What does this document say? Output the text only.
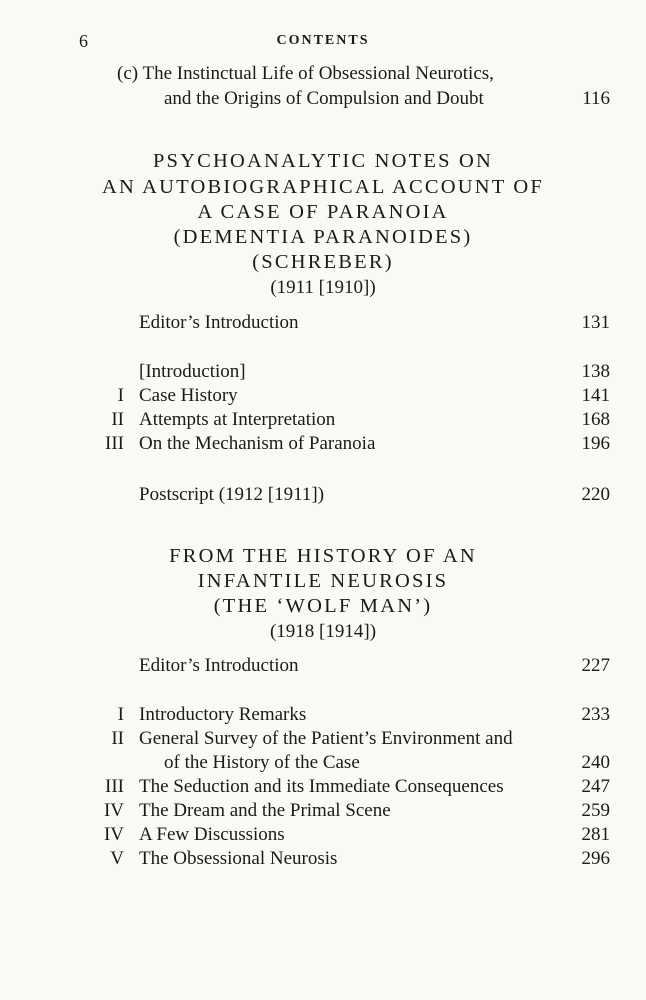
6	CONTENTS
(c) The Instinctual Life of Obsessional Neurotics,
and the Origins of Compulsion and Doubt	116
PSYCHOANALYTIC NOTES ON
AN AUTOBIOGRAPHICAL ACCOUNT OF
A CASE OF PARANOIA
(DEMENTIA PARANOIDES)
(SCHREBER)
(1911 [1910])
Editor’s Introduction	131
[Introduction]	138
I Case History	141
II Attempts at Interpretation	168
III On the Mechanism of Paranoia	196
Postscript (1912 [1911])	220
FROM THE HISTORY OF AN
INFANTILE NEUROSIS
(THE ‘WOLF MAN’)
(1918 [1914])
Editor’s Introduction	227
I Introductory Remarks	233
II General Survey of the Patient’s Environment and
of the History of the Case	240
III The Seduction and its Immediate Consequences	247
IV The Dream and the Primal Scene	259
IV A Few Discussions	281
V The Obsessional Neurosis	296
